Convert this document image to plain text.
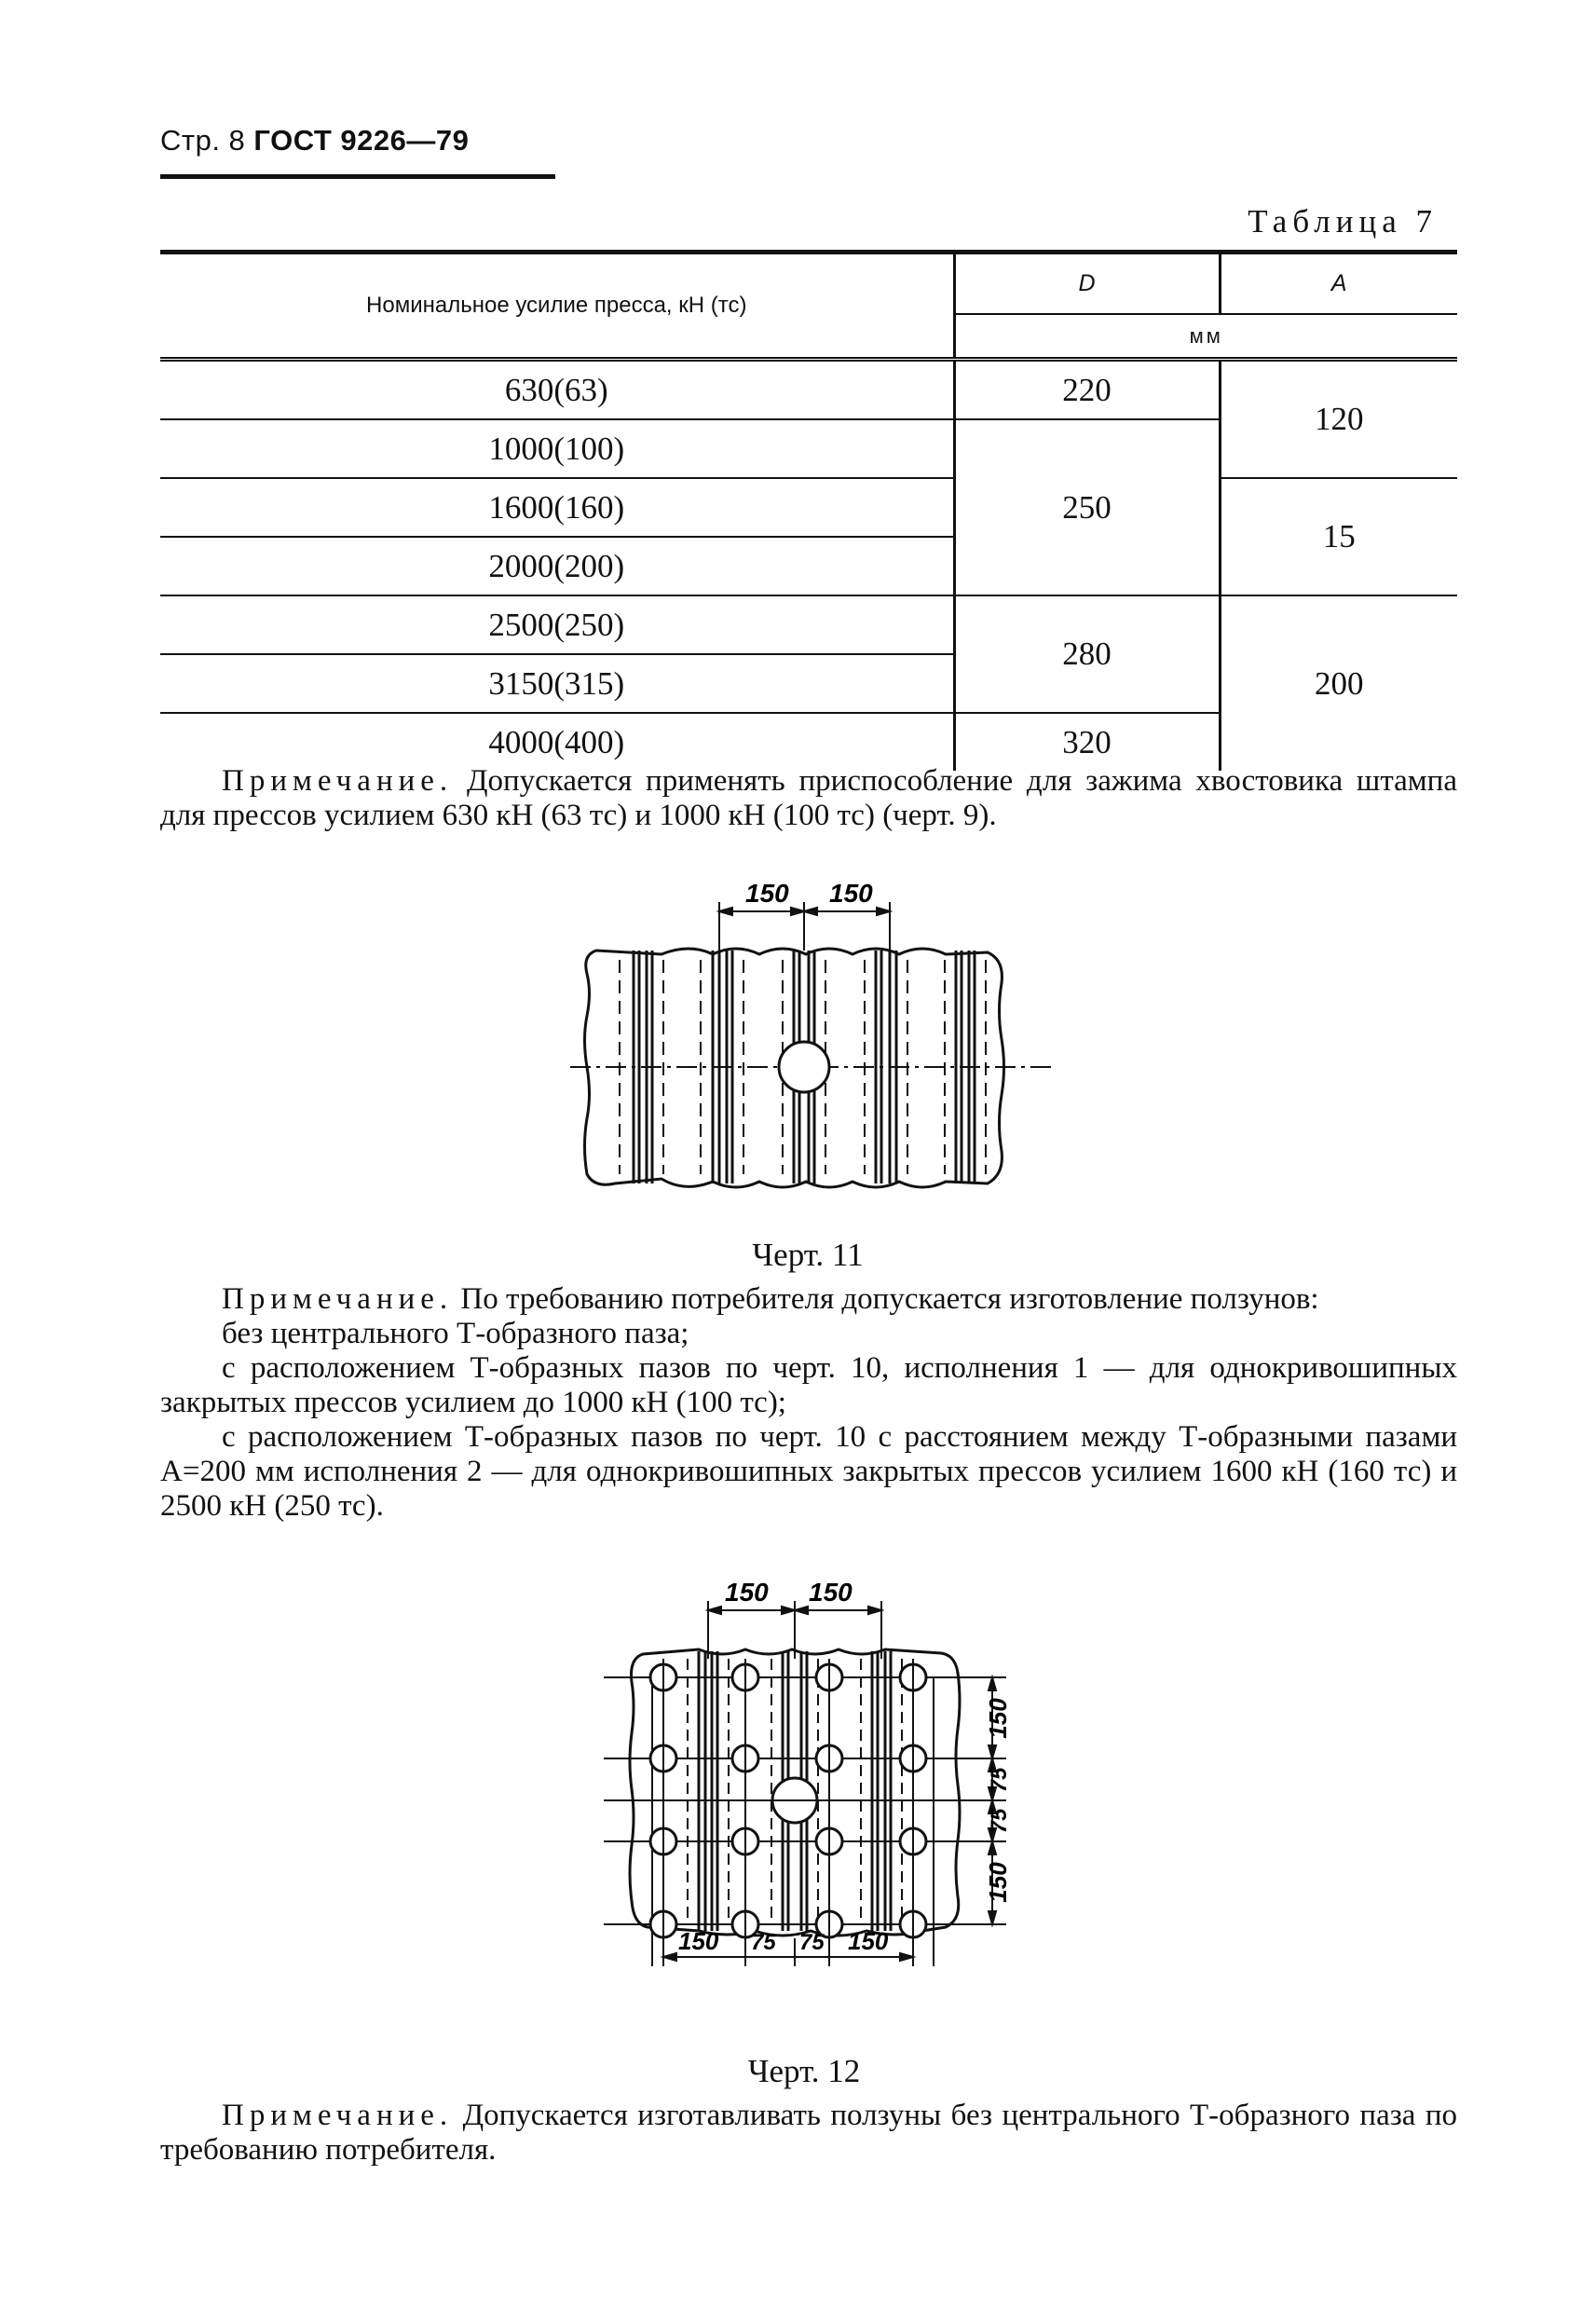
Стр. 8 ГОСТ 9226—79
Таблица 7
Номинальное усилие пресса, кН (тс)	D	A
	мм	
630(63)	220	120
1000(100)	250	
1600(160)		15
2000(200)		
2500(250)	280	200
3150(315)		
4000(400)	320	

Примечание. Допускается применять приспособление для зажима хвостовика штампа для прессов усилием 630 кН (63 тс) и 1000 кН (100 тс) (черт. 9).

150 150
Черт. 11

Примечание. По требованию потребителя допускается изготовление ползунов:

без центрального Т-образного паза;

с расположением Т-образных пазов по черт. 10, исполнения 1 — для однокривошипных закрытых прессов усилием до 1000 кН (100 тс);

с расположением Т-образных пазов по черт. 10 с расстоянием между Т-образными пазами А=200 мм исполнения 2 — для однокривошипных закрытых прессов усилием 1600 кН (160 тс) и 2500 кН (250 тс).

150 150
150
75
75
150
150 75 75 150
Черт. 12

Примечание. Допускается изготавливать ползуны без центрального Т-образного паза по требованию потребителя.
